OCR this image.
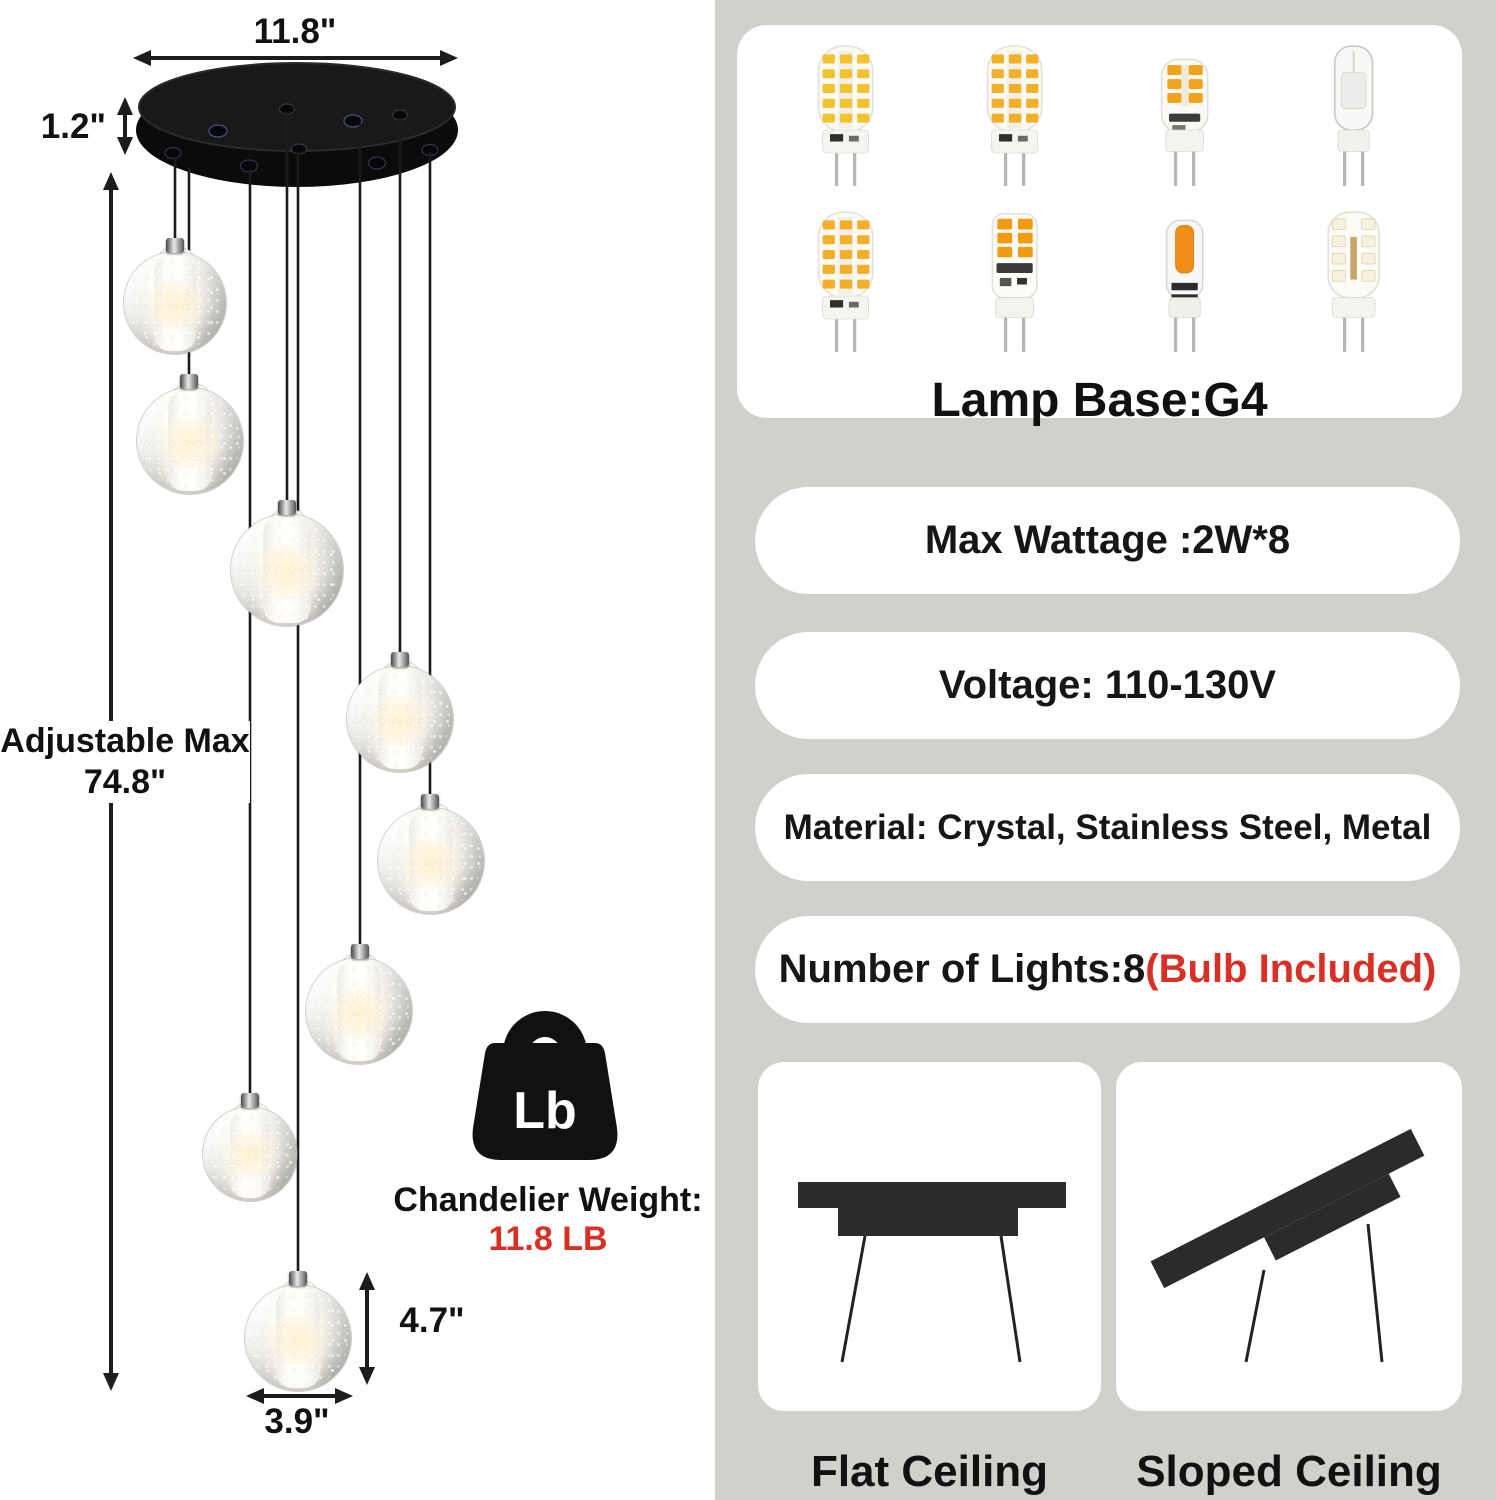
Lb
11.8"
1.2"
Adjustable Max
74.8"
4.7"
3.9"
Chandelier Weight:
11.8 LB
Lamp Base:G4
Max Wattage :2W*8
Voltage: 110-130V
Material: Crystal, Stainless Steel, Metal
Number of Lights:8 (Bulb Included)
Flat Ceiling	Sloped Ceiling
